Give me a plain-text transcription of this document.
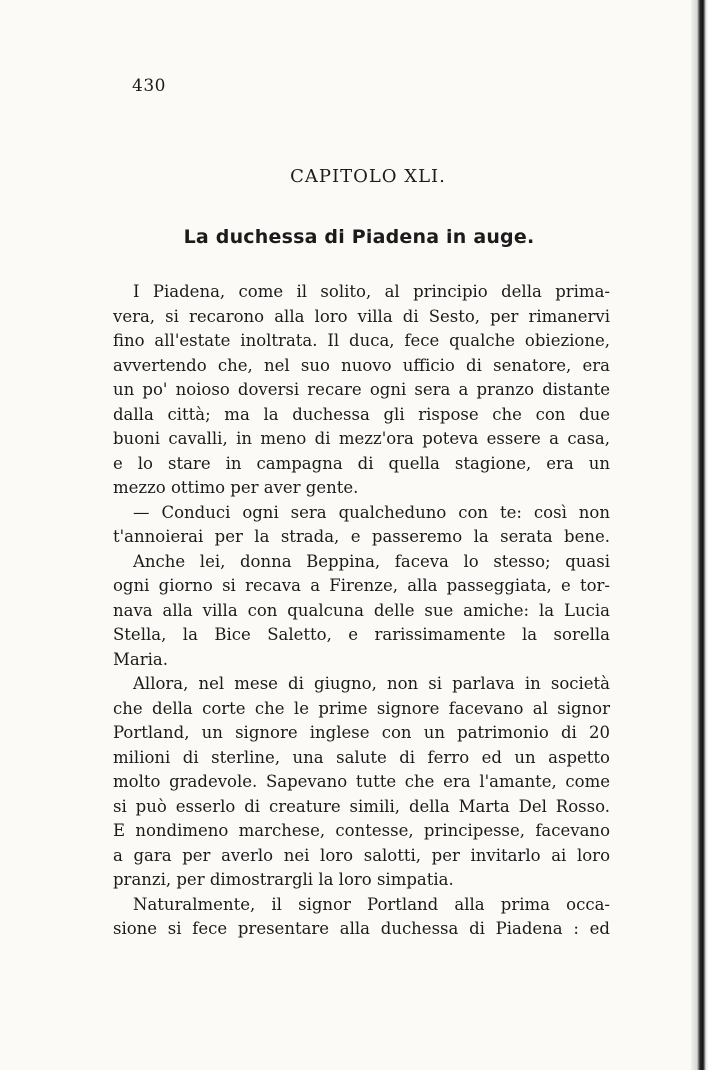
430
CAPITOLO XLI.
La duchessa di Piadena in auge.
I Piadena, come il solito, al principio della prima-
vera, si recarono alla loro villa di Sesto, per rimanervi
fino all'estate inoltrata. Il duca, fece qualche obiezione,
avvertendo che, nel suo nuovo ufficio di senatore, era
un po' noioso doversi recare ogni sera a pranzo distante
dalla città; ma la duchessa gli rispose che con due
buoni cavalli, in meno di mezz'ora poteva essere a casa,
e lo stare in campagna di quella stagione, era un
mezzo ottimo per aver gente.
— Conduci ogni sera qualcheduno con te: così non
t'annoierai per la strada, e passeremo la serata bene.
Anche lei, donna Beppina, faceva lo stesso; quasi
ogni giorno si recava a Firenze, alla passeggiata, e tor-
nava alla villa con qualcuna delle sue amiche: la Lucia
Stella, la Bice Saletto, e rarissimamente la sorella
Maria.
Allora, nel mese di giugno, non si parlava in società
che della corte che le prime signore facevano al signor
Portland, un signore inglese con un patrimonio di 20
milioni di sterline, una salute di ferro ed un aspetto
molto gradevole. Sapevano tutte che era l'amante, come
si può esserlo di creature simili, della Marta Del Rosso.
E nondimeno marchese, contesse, principesse, facevano
a gara per averlo nei loro salotti, per invitarlo ai loro
pranzi, per dimostrargli la loro simpatia.
Naturalmente, il signor Portland alla prima occa-
sione si fece presentare alla duchessa di Piadena : ed
